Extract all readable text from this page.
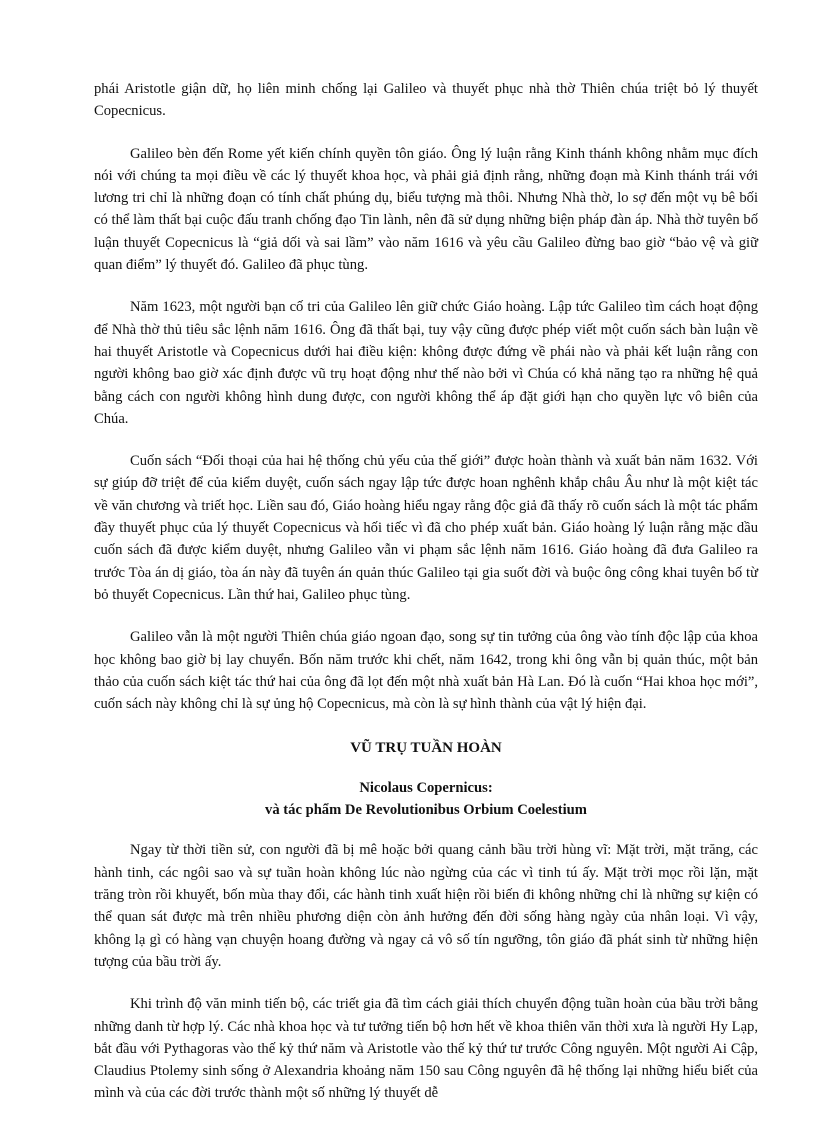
phái Aristotle giận dữ, họ liên minh chống lại Galileo và thuyết phục nhà thờ Thiên chúa triệt bỏ lý thuyết Copecnicus.

Galileo bèn đến Rome yết kiến chính quyền tôn giáo. Ông lý luận rằng Kinh thánh không nhằm mục đích nói với chúng ta mọi điều về các lý thuyết khoa học, và phải giả định rằng, những đoạn mà Kinh thánh trái với lương tri chỉ là những đoạn có tính chất phúng dụ, biểu tượng mà thôi. Nhưng Nhà thờ, lo sợ đến một vụ bê bối có thể làm thất bại cuộc đấu tranh chống đạo Tin lành, nên đã sử dụng những biện pháp đàn áp. Nhà thờ tuyên bố luận thuyết Copecnicus là “giả dối và sai lầm” vào năm 1616 và yêu cầu Galileo đừng bao giờ “bảo vệ và giữ quan điểm” lý thuyết đó. Galileo đã phục tùng.

Năm 1623, một người bạn cố tri của Galileo lên giữ chức Giáo hoàng. Lập tức Galileo tìm cách hoạt động để Nhà thờ thủ tiêu sắc lệnh năm 1616. Ông đã thất bại, tuy vậy cũng được phép viết một cuốn sách bàn luận về hai thuyết Aristotle và Copecnicus dưới hai điều kiện: không được đứng về phái nào và phải kết luận rằng con người không bao giờ xác định được vũ trụ hoạt động như thế nào bởi vì Chúa có khả năng tạo ra những hệ quả bằng cách con người không hình dung được, con người không thể áp đặt giới hạn cho quyền lực vô biên của Chúa.

Cuốn sách “Đối thoại của hai hệ thống chủ yếu của thế giới” được hoàn thành và xuất bản năm 1632. Với sự giúp đỡ triệt để của kiểm duyệt, cuốn sách ngay lập tức được hoan nghênh khắp châu Âu như là một kiệt tác về văn chương và triết học. Liền sau đó, Giáo hoàng hiểu ngay rằng độc giả đã thấy rõ cuốn sách là một tác phẩm đầy thuyết phục của lý thuyết Copecnicus và hối tiếc vì đã cho phép xuất bản. Giáo hoàng lý luận rằng mặc dầu cuốn sách đã được kiểm duyệt, nhưng Galileo vẫn vi phạm sắc lệnh năm 1616. Giáo hoàng đã đưa Galileo ra trước Tòa án dị giáo, tòa án này đã tuyên án quản thúc Galileo tại gia suốt đời và buộc ông công khai tuyên bố từ bỏ thuyết Copecnicus. Lần thứ hai, Galileo phục tùng.

Galileo vẫn là một người Thiên chúa giáo ngoan đạo, song sự tin tưởng của ông vào tính độc lập của khoa học không bao giờ bị lay chuyển. Bốn năm trước khi chết, năm 1642, trong khi ông vẫn bị quản thúc, một bản thảo của cuốn sách kiệt tác thứ hai của ông đã lọt đến một nhà xuất bản Hà Lan. Đó là cuốn “Hai khoa học mới”, cuốn sách này không chỉ là sự ủng hộ Copecnicus, mà còn là sự hình thành của vật lý hiện đại.

VŨ TRỤ TUẦN HOÀN
Nicolaus Copernicus:
và tác phẩm De Revolutionibus Orbium Coelestium

Ngay từ thời tiền sử, con người đã bị mê hoặc bởi quang cảnh bầu trời hùng vĩ: Mặt trời, mặt trăng, các hành tinh, các ngôi sao và sự tuần hoàn không lúc nào ngừng của các vì tinh tú ấy. Mặt trời mọc rồi lặn, mặt trăng tròn rồi khuyết, bốn mùa thay đổi, các hành tinh xuất hiện rồi biến đi không những chỉ là những sự kiện có thể quan sát được mà trên nhiều phương diện còn ảnh hưởng đến đời sống hàng ngày của nhân loại. Vì vậy, không lạ gì có hàng vạn chuyện hoang đường và ngay cả vô số tín ngưỡng, tôn giáo đã phát sinh từ những hiện tượng của bầu trời ấy.

Khi trình độ văn minh tiến bộ, các triết gia đã tìm cách giải thích chuyển động tuần hoàn của bầu trời bằng những danh từ hợp lý. Các nhà khoa học và tư tưởng tiến bộ hơn hết về khoa thiên văn thời xưa là người Hy Lạp, bắt đầu với Pythagoras vào thế kỷ thứ năm và Aristotle vào thế kỷ thứ tư trước Công nguyên. Một người Ai Cập, Claudius Ptolemy sinh sống ở Alexandria khoảng năm 150 sau Công nguyên đã hệ thống lại những hiểu biết của mình và của các đời trước thành một số những lý thuyết dễ
